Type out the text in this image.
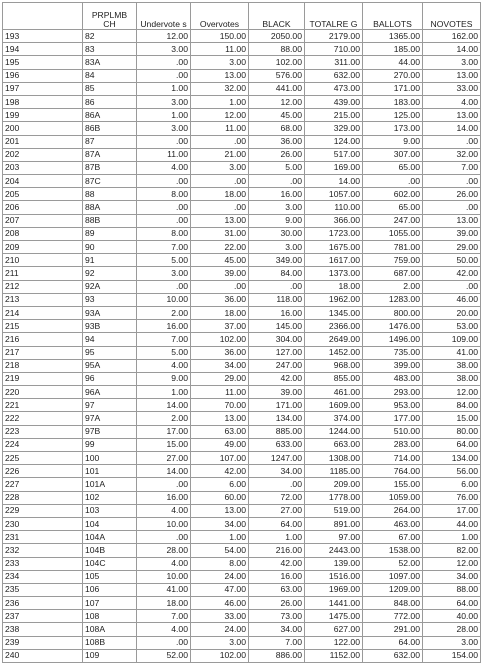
	PRPLMB CH	Undervote s	Overvotes	BLACK	TOTALRE G	BALLOTS	NOVOTES
193	82	12.00	150.00	2050.00	2179.00	1365.00	162.00
194	83	3.00	11.00	88.00	710.00	185.00	14.00
195	83A	.00	3.00	102.00	311.00	44.00	3.00
196	84	.00	13.00	576.00	632.00	270.00	13.00
197	85	1.00	32.00	441.00	473.00	171.00	33.00
198	86	3.00	1.00	12.00	439.00	183.00	4.00
199	86A	1.00	12.00	45.00	215.00	125.00	13.00
200	86B	3.00	11.00	68.00	329.00	173.00	14.00
201	87	.00	.00	36.00	124.00	9.00	.00
202	87A	11.00	21.00	26.00	517.00	307.00	32.00
203	87B	4.00	3.00	5.00	169.00	65.00	7.00
204	87C	.00	.00	.00	14.00	.00	.00
205	88	8.00	18.00	16.00	1057.00	602.00	26.00
206	88A	.00	.00	3.00	110.00	65.00	.00
207	88B	.00	13.00	9.00	366.00	247.00	13.00
208	89	8.00	31.00	30.00	1723.00	1055.00	39.00
209	90	7.00	22.00	3.00	1675.00	781.00	29.00
210	91	5.00	45.00	349.00	1617.00	759.00	50.00
211	92	3.00	39.00	84.00	1373.00	687.00	42.00
212	92A	.00	.00	.00	18.00	2.00	.00
213	93	10.00	36.00	118.00	1962.00	1283.00	46.00
214	93A	2.00	18.00	16.00	1345.00	800.00	20.00
215	93B	16.00	37.00	145.00	2366.00	1476.00	53.00
216	94	7.00	102.00	304.00	2649.00	1496.00	109.00
217	95	5.00	36.00	127.00	1452.00	735.00	41.00
218	95A	4.00	34.00	247.00	968.00	399.00	38.00
219	96	9.00	29.00	42.00	855.00	483.00	38.00
220	96A	1.00	11.00	39.00	461.00	293.00	12.00
221	97	14.00	70.00	171.00	1609.00	953.00	84.00
222	97A	2.00	13.00	134.00	374.00	177.00	15.00
223	97B	17.00	63.00	885.00	1244.00	510.00	80.00
224	99	15.00	49.00	633.00	663.00	283.00	64.00
225	100	27.00	107.00	1247.00	1308.00	714.00	134.00
226	101	14.00	42.00	34.00	1185.00	764.00	56.00
227	101A	.00	6.00	.00	209.00	155.00	6.00
228	102	16.00	60.00	72.00	1778.00	1059.00	76.00
229	103	4.00	13.00	27.00	519.00	264.00	17.00
230	104	10.00	34.00	64.00	891.00	463.00	44.00
231	104A	.00	1.00	1.00	97.00	67.00	1.00
232	104B	28.00	54.00	216.00	2443.00	1538.00	82.00
233	104C	4.00	8.00	42.00	139.00	52.00	12.00
234	105	10.00	24.00	16.00	1516.00	1097.00	34.00
235	106	41.00	47.00	63.00	1969.00	1209.00	88.00
236	107	18.00	46.00	26.00	1441.00	848.00	64.00
237	108	7.00	33.00	73.00	1475.00	772.00	40.00
238	108A	4.00	24.00	34.00	627.00	291.00	28.00
239	108B	.00	3.00	7.00	122.00	64.00	3.00
240	109	52.00	102.00	886.00	1152.00	632.00	154.00
